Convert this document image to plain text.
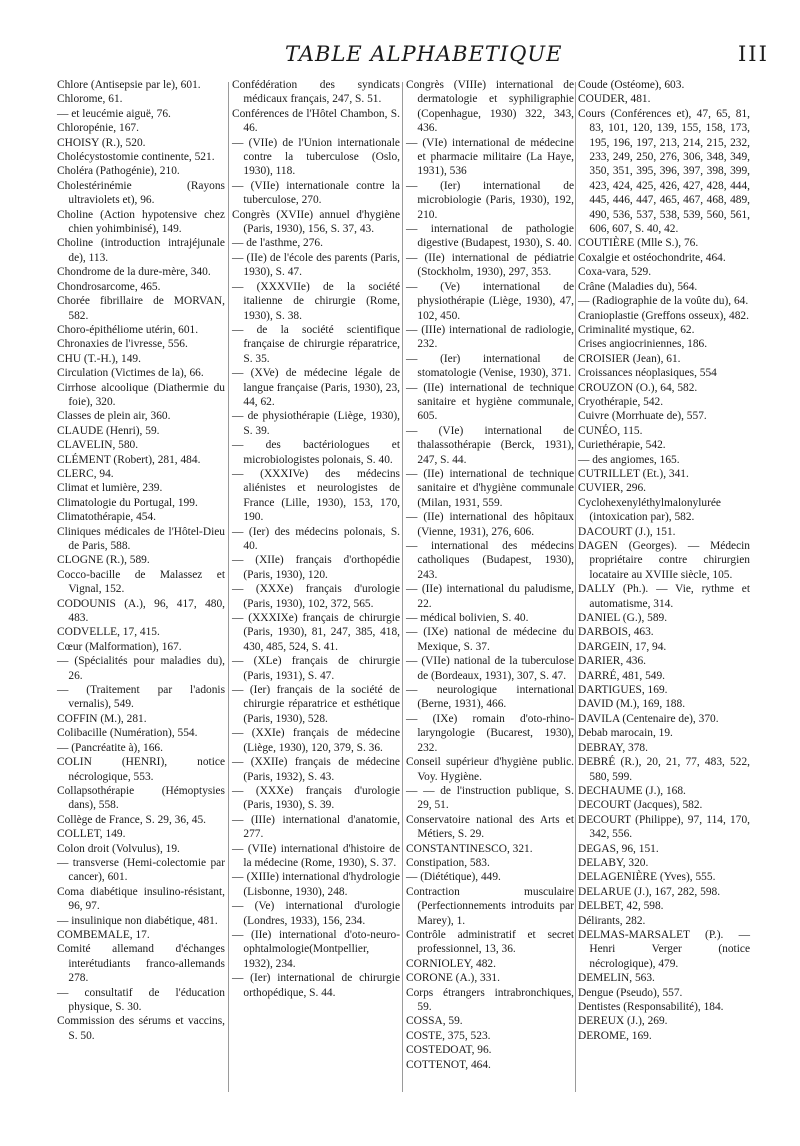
TABLE ALPHABETIQUE	III

Chlore (Antisepsie par le), 601.

Chlorome, 61.

— et leucémie aiguë, 76.

Chloropénie, 167.

CHOISY (R.), 520.

Cholécystostomie continente, 521.

Choléra (Pathogénie), 210.

Cholestérinémie (Rayons ultraviolets et), 96.

Choline (Action hypotensive chez chien yohimbinisé), 149.

Choline (introduction intrajéjunale de), 113.

Chondrome de la dure-mère, 340.

Chondrosarcome, 465.

Chorée fibrillaire de MORVAN, 582.

Choro-épithéliome utérin, 601.

Chronaxies de l'ivresse, 556.

CHU (T.-H.), 149.

Circulation (Victimes de la), 66.

Cirrhose alcoolique (Diathermie du foie), 320.

Classes de plein air, 360.

CLAUDE (Henri), 59.

CLAVELIN, 580.

CLÉMENT (Robert), 281, 484.

CLERC, 94.

Climat et lumière, 239.

Climatologie du Portugal, 199.

Climatothérapie, 454.

Cliniques médicales de l'Hôtel-Dieu de Paris, 588.

CLOGNE (R.), 589.

Cocco-bacille de Malassez et Vignal, 152.

CODOUNIS (A.), 96, 417, 480, 483.

CODVELLE, 17, 415.

Cœur (Malformation), 167.

— (Spécialités pour maladies du), 26.

— (Traitement par l'adonis vernalis), 549.

COFFIN (M.), 281.

Colibacille (Numération), 554.

— (Pancréatite à), 166.

COLIN (HENRI), notice nécrologique, 553.

Collapsothérapie (Hémoptysies dans), 558.

Collège de France, S. 29, 36, 45.

COLLET, 149.

Colon droit (Volvulus), 19.

— transverse (Hemi-colectomie par cancer), 601.

Coma diabétique insulino-résistant, 96, 97.

— insulinique non diabétique, 481.

COMBEMALE, 17.

Comité allemand d'échanges interétudiants franco-allemands 278.

— consultatif de l'éducation physique, S. 30.

Commission des sérums et vaccins, S. 50.

Confédération des syndicats médicaux français, 247, S. 51.

Conférences de l'Hôtel Chambon, S. 46.

— (VIIe) de l'Union internationale contre la tuberculose (Oslo, 1930), 118.

— (VIIe) internationale contre la tuberculose, 270.

Congrès (XVIIe) annuel d'hygiène (Paris, 1930), 156, S. 37, 43.

— de l'asthme, 276.

— (IIe) de l'école des parents (Paris, 1930), S. 47.

— (XXXVIIe) de la société italienne de chirurgie (Rome, 1930), S. 38.

— de la société scientifique française de chirurgie réparatrice, S. 35.

— (XVe) de médecine légale de langue française (Paris, 1930), 23, 44, 62.

— de physiothérapie (Liège, 1930), S. 39.

— des bactériologues et microbiologistes polonais, S. 40.

— (XXXIVe) des médecins aliénistes et neurologistes de France (Lille, 1930), 153, 170, 190.

— (Ier) des médecins polonais, S. 40.

— (XIIe) français d'orthopédie (Paris, 1930), 120.

— (XXXe) français d'urologie (Paris, 1930), 102, 372, 565.

— (XXXIXe) français de chirurgie (Paris, 1930), 81, 247, 385, 418, 430, 485, 524, S. 41.

— (XLe) français de chirurgie (Paris, 1931), S. 47.

— (Ier) français de la société de chirurgie réparatrice et esthétique (Paris, 1930), 528.

— (XXIe) français de médecine (Liège, 1930), 120, 379, S. 36.

— (XXIIe) français de médecine (Paris, 1932), S. 43.

— (XXXe) français d'urologie (Paris, 1930), S. 39.

— (IIIe) international d'anatomie, 277.

— (VIIe) international d'histoire de la médecine (Rome, 1930), S. 37.

— (XIIIe) international d'hydrologie (Lisbonne, 1930), 248.

— (Ve) international d'urologie (Londres, 1933), 156, 234.

— (IIe) international d'oto-neuro-ophtalmologie(Montpellier, 1932), 234.

— (Ier) international de chirurgie orthopédique, S. 44.

Congrès (VIIIe) international de dermatologie et syphiligraphie (Copenhague, 1930) 322, 343, 436.

— (VIe) international de médecine et pharmacie militaire (La Haye, 1931), 536

— (Ier) international de microbiologie (Paris, 1930), 192, 210.

— international de pathologie digestive (Budapest, 1930), S. 40.

— (IIe) international de pédiatrie (Stockholm, 1930), 297, 353.

— (Ve) international de physiothérapie (Liège, 1930), 47, 102, 450.

— (IIIe) international de radiologie, 232.

— (Ier) international de stomatologie (Venise, 1930), 371.

— (IIe) international de technique sanitaire et hygiène communale, 605.

— (VIe) international de thalassothérapie (Berck, 1931), 247, S. 44.

— (IIe) international de technique sanitaire et d'hygiène communale (Milan, 1931, 559.

— (IIe) international des hôpitaux (Vienne, 1931), 276, 606.

— international des médecins catholiques (Budapest, 1930), 243.

— (IIe) international du paludisme, 22.

— médical bolivien, S. 40.

— (IXe) national de médecine du Mexique, S. 37.

— (VIIe) national de la tuberculose de (Bordeaux, 1931), 307, S. 47.

— neurologique international (Berne, 1931), 466.

— (IXe) romain d'oto-rhino-laryngologie (Bucarest, 1930), 232.

Conseil supérieur d'hygiène public. Voy. Hygiène.

— — de l'instruction publique, S. 29, 51.

Conservatoire national des Arts et Métiers, S. 29.

CONSTANTINESCO, 321.

Constipation, 583.

— (Diététique), 449.

Contraction musculaire (Perfectionnements introduits par Marey), 1.

Contrôle administratif et secret professionnel, 13, 36.

CORNIOLEY, 482.

CORONE (A.), 331.

Corps étrangers intrabronchiques, 59.

COSSA, 59.

COSTE, 375, 523.

COSTEDOAT, 96.

COTTENOT, 464.

Coude (Ostéome), 603.

COUDER, 481.

Cours (Conférences et), 47, 65, 81, 83, 101, 120, 139, 155, 158, 173, 195, 196, 197, 213, 214, 215, 232, 233, 249, 250, 276, 306, 348, 349, 350, 351, 395, 396, 397, 398, 399, 423, 424, 425, 426, 427, 428, 444, 445, 446, 447, 465, 467, 468, 489, 490, 536, 537, 538, 539, 560, 561, 606, 607, S. 40, 42.

COUTIÈRE (Mlle S.), 76.

Coxalgie et ostéochondrite, 464.

Coxa-vara, 529.

Crâne (Maladies du), 564.

— (Radiographie de la voûte du), 64.

Cranioplastie (Greffons osseux), 482.

Criminalité mystique, 62.

Crises angiocriniennes, 186.

CROISIER (Jean), 61.

Croissances néoplasiques, 554

CROUZON (O.), 64, 582.

Cryothérapie, 542.

Cuivre (Morrhuate de), 557.

CUNÉO, 115.

Curiethérapie, 542.

— des angiomes, 165.

CUTRILLET (Et.), 341.

CUVIER, 296.

Cyclohexenyléthylmalonylurée (intoxication par), 582.

DACOURT (J.), 151.

DAGEN (Georges). — Médecin propriétaire contre chirurgien locataire au XVIIIe siècle, 105.

DALLY (Ph.). — Vie, rythme et automatisme, 314.

DANIEL (G.), 589.

DARBOIS, 463.

DARGEIN, 17, 94.

DARIER, 436.

DARRÉ, 481, 549.

DARTIGUES, 169.

DAVID (M.), 169, 188.

DAVILA (Centenaire de), 370.

Debab marocain, 19.

DEBRAY, 378.

DEBRÉ (R.), 20, 21, 77, 483, 522, 580, 599.

DECHAUME (J.), 168.

DECOURT (Jacques), 582.

DECOURT (Philippe), 97, 114, 170, 342, 556.

DEGAS, 96, 151.

DELABY, 320.

DELAGENIÈRE (Yves), 555.

DELARUE (J.), 167, 282, 598.

DELBET, 42, 598.

Délirants, 282.

DELMAS-MARSALET (P.). — Henri Verger (notice nécrologique), 479.

DEMELIN, 563.

Dengue (Pseudo), 557.

Dentistes (Responsabilité), 184.

DEREUX (J.), 269.

DEROME, 169.
